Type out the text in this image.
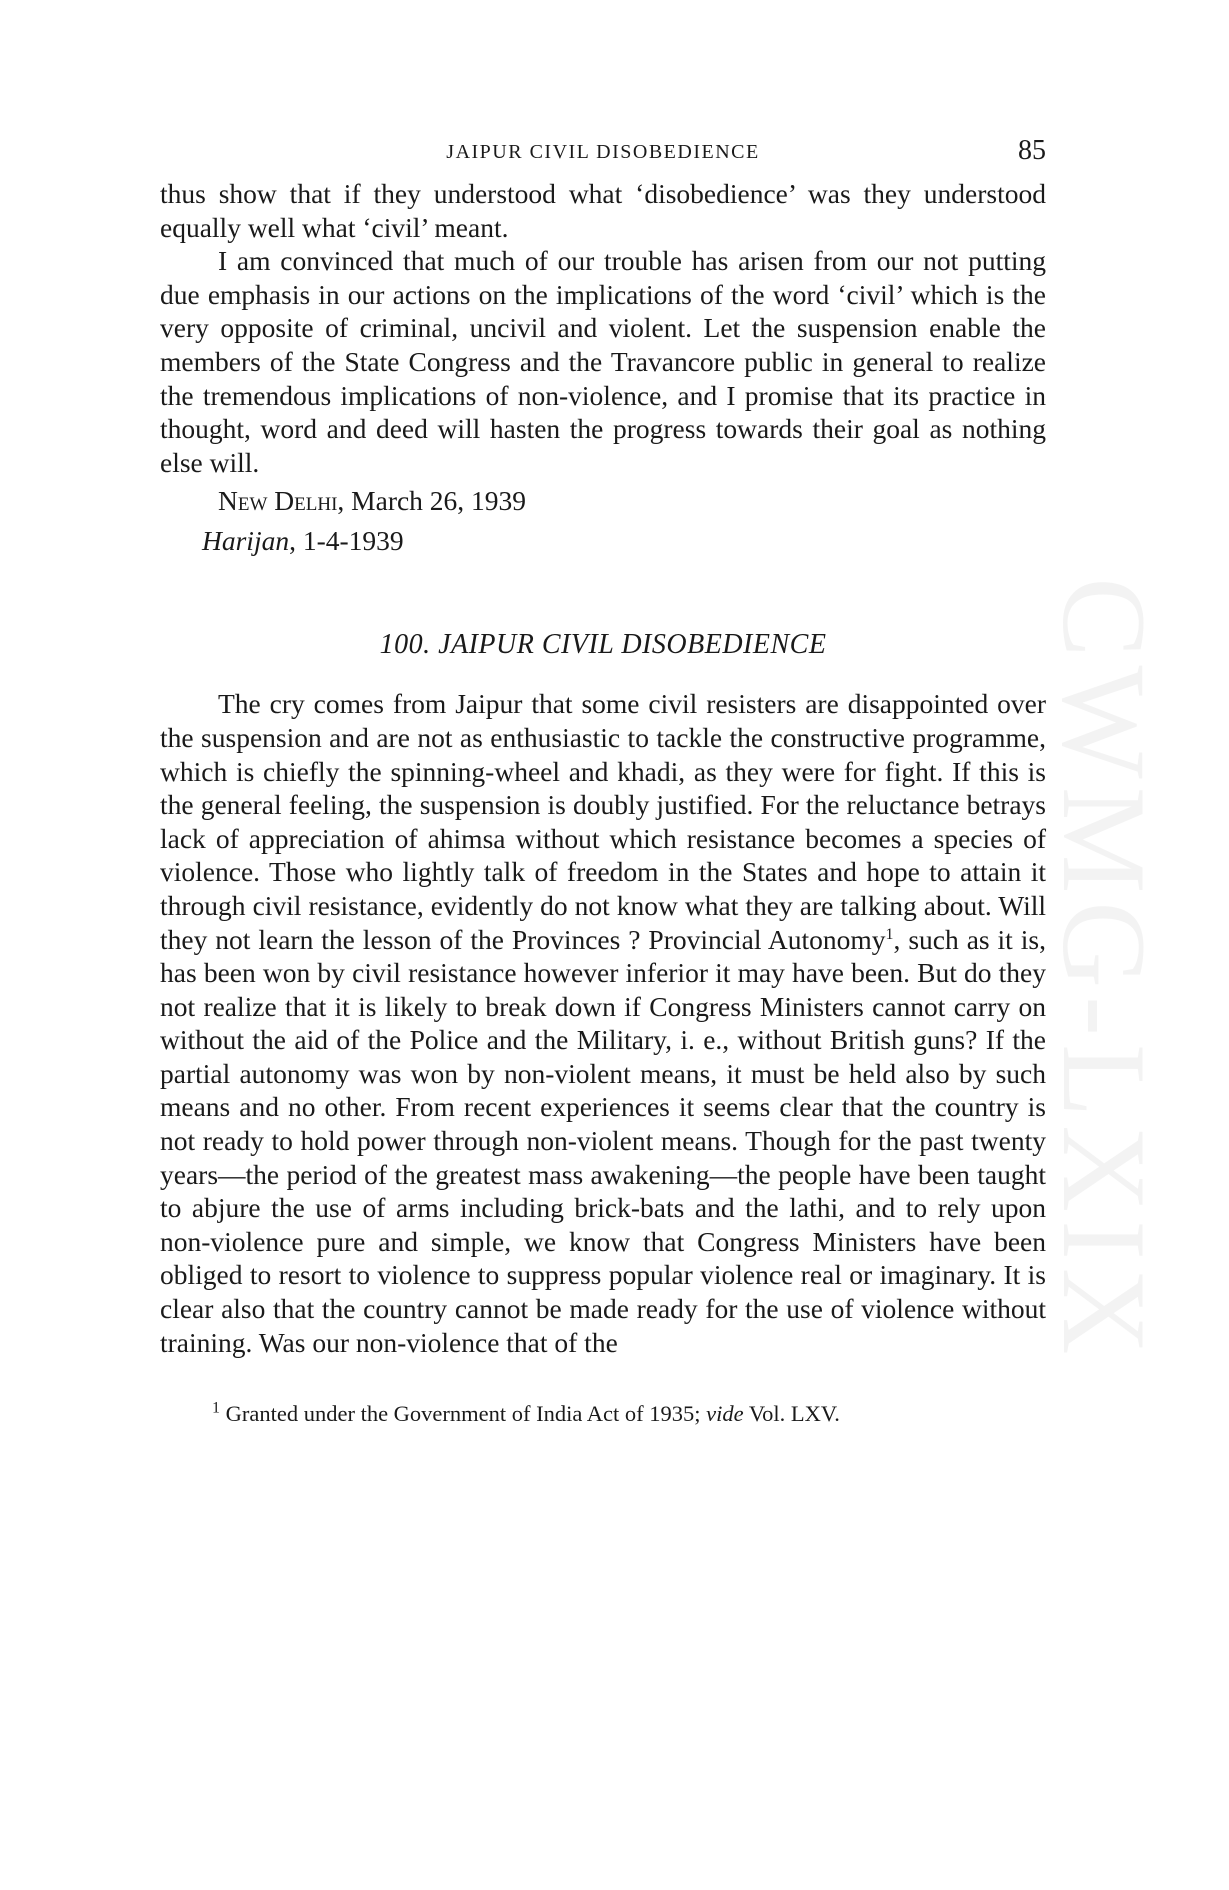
JAIPUR CIVIL DISOBEDIENCE	85

thus show that if they understood what ‘disobedience’ was they understood equally well what ‘civil’ meant.

I am convinced that much of our trouble has arisen from our not putting due emphasis in our actions on the implications of the word ‘civil’ which is the very opposite of criminal, uncivil and violent. Let the suspension enable the members of the State Congress and the Travancore public in general to realize the tremendous implications of non-violence, and I promise that its practice in thought, word and deed will hasten the progress towards their goal as nothing else will.

New Delhi, March 26, 1939
Harijan, 1-4-1939
100. JAIPUR CIVIL DISOBEDIENCE

The cry comes from Jaipur that some civil resisters are disappointed over the suspension and are not as enthusiastic to tackle the constructive programme, which is chiefly the spinning-wheel and khadi, as they were for fight. If this is the general feeling, the suspension is doubly justified. For the reluctance betrays lack of appreciation of ahimsa without which resistance becomes a species of violence. Those who lightly talk of freedom in the States and hope to attain it through civil resistance, evidently do not know what they are talking about. Will they not learn the lesson of the Provinces ? Provincial Autonomy$^1$, such as it is, has been won by civil resistance however inferior it may have been. But do they not realize that it is likely to break down if Congress Ministers cannot carry on without the aid of the Police and the Military, i. e., without British guns? If the partial autonomy was won by non-violent means, it must be held also by such means and no other. From recent experiences it seems clear that the country is not ready to hold power through non-violent means. Though for the past twenty years—the period of the greatest mass awakening—the people have been taught to abjure the use of arms including brick-bats and the lathi, and to rely upon non-violence pure and simple, we know that Congress Ministers have been obliged to resort to violence to suppress popular violence real or imaginary. It is clear also that the country cannot be made ready for the use of violence without training. Was our non-violence that of the

$^1$ Granted under the Government of India Act of 1935; vide Vol. LXV.
CWMG-LXIX
